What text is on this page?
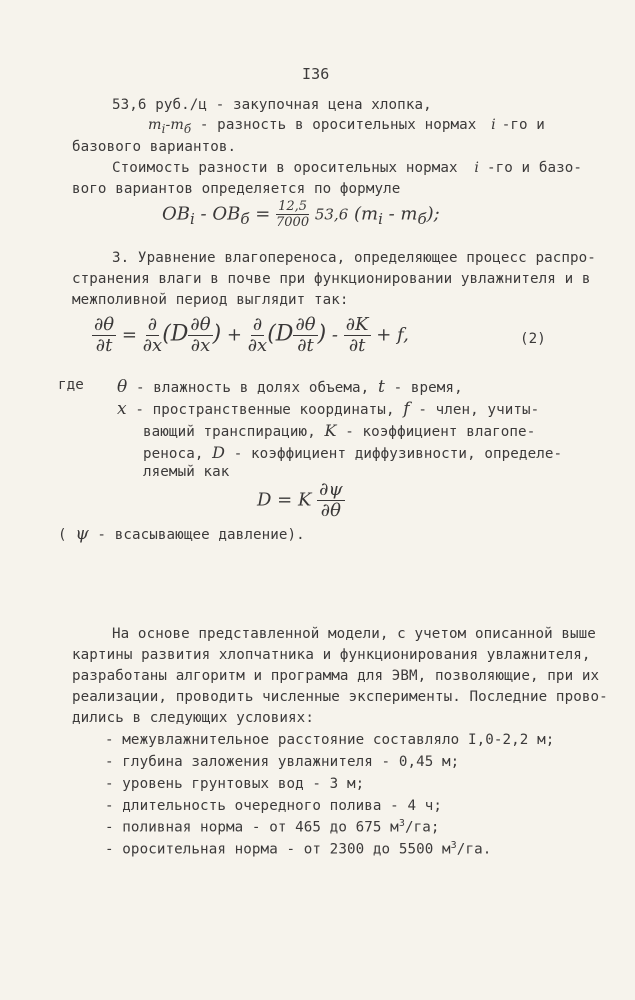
I36
53,6 руб./ц - закупочная цена хлопка,
$m_i-m_б$ - разность в оросительных нормах i -го и
базового вариантов.
Стоимость разности в оросительных нормах i -го и базо-
вого вариантов определяется по формуле
$OB_i - OB_б = \frac{12,5}{7000} 53,6$ $(m_i - m_б)$;
3. Уравнение влагопереноса, определяющее процесс распро-
странения влаги в почве при функционировании увлажнителя и в
межполивной период выглядит так:
$\frac{\partial\theta}{\partial t} = \frac{\partial}{\partial x} (D \frac{\partial\theta}{\partial x}$ ) + $\frac{\partial}{\partial x} (D \frac{\partial\theta}{\partial t}$ ) - $\frac{\partial K}{\partial t} + f$,	(2)
где θ - влажность в долях объема, t - время,
x - пространственные координаты, f - член, учиты-
вающий транспирацию, K - коэффициент влагопе-
реноса, D - коэффициент диффузивности, определе-
ляемый как
D = K $\frac{\partial\psi}{\partial\theta}$
( ψ - всасывающее давление).
На основе представленной модели, с учетом описанной выше
картины развития хлопчатника и функционирования увлажнителя,
разработаны алгоритм и программа для ЭВМ, позволяющие, при их
реализации, проводить численные эксперименты. Последние прово-
дились в следующих условиях:
- межувлажнительное расстояние составляло I,0-2,2 м;
- глубина заложения увлажнителя - 0,45 м;
- уровень грунтовых вод - 3 м;
- длительность очередного полива - 4 ч;
- поливная норма - от 465 до 675 $м^3/га$;
- оросительная норма - от 2300 до 5500 $м^3/га$.
